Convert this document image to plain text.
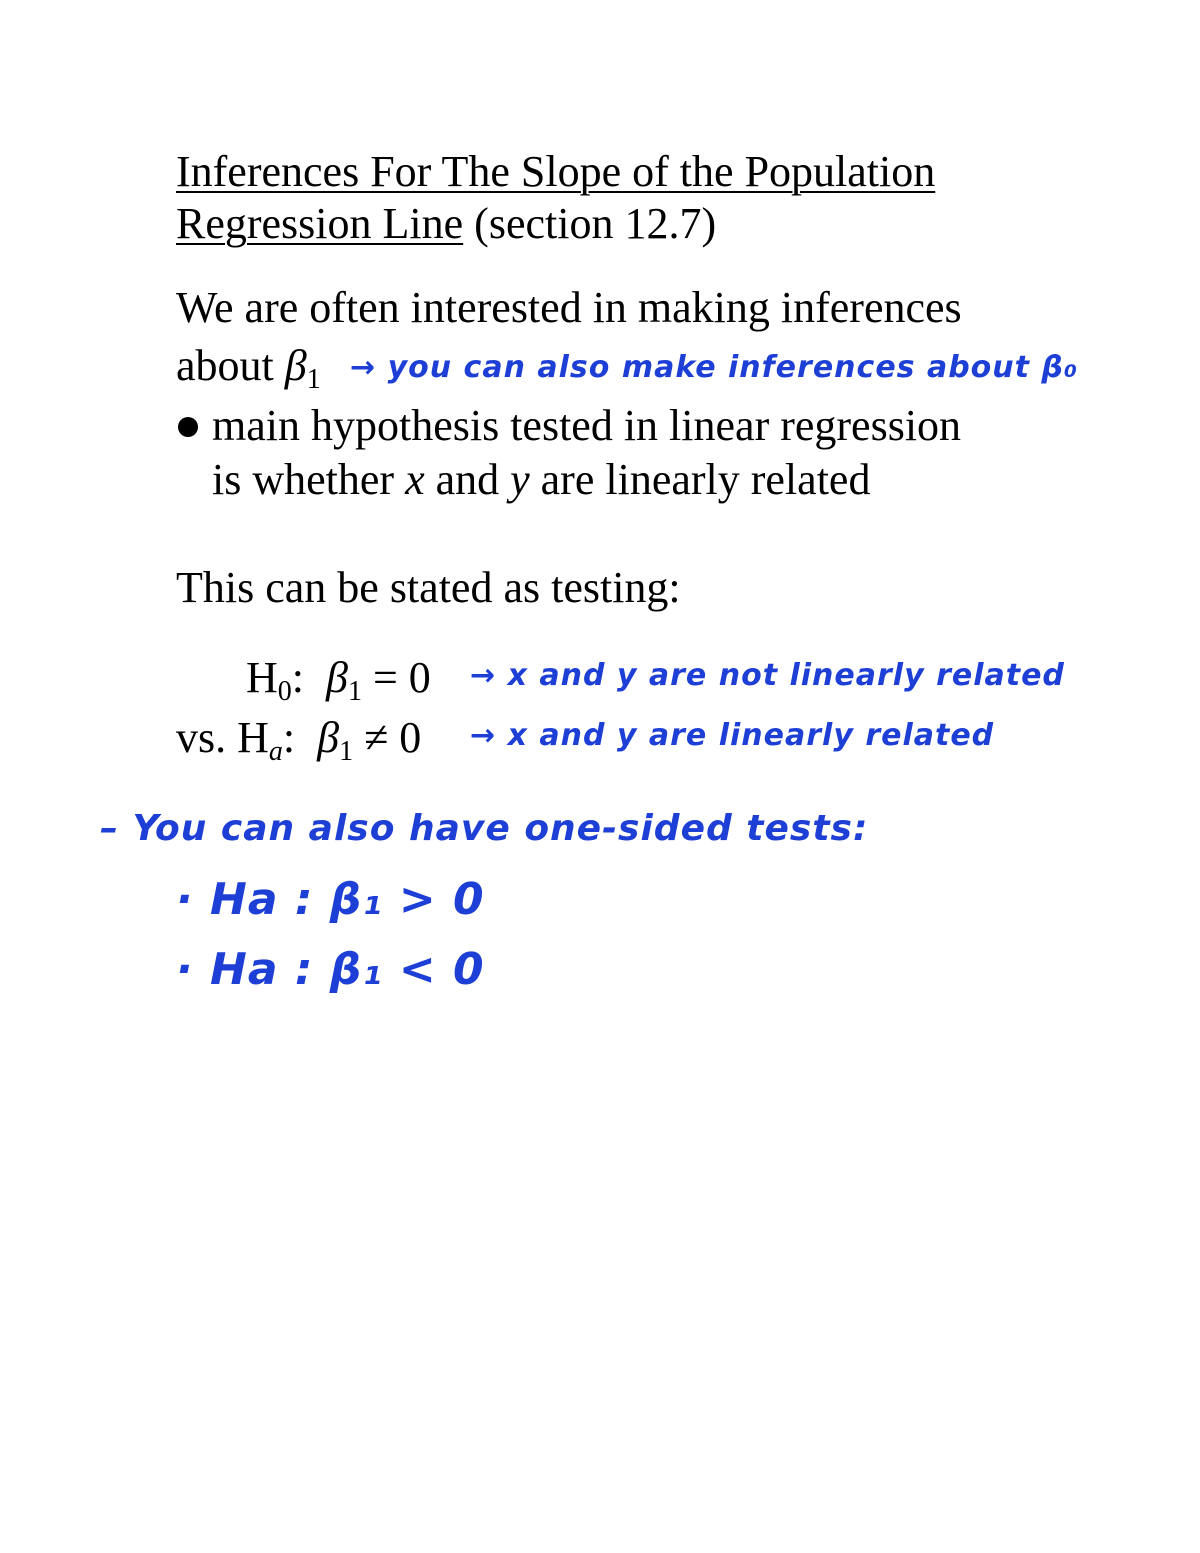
Inferences For The Slope of the Population
Regression Line (section 12.7)
We are often interested in making inferences
about $\beta_1$ → you can also make inferences about β₀
main hypothesis tested in linear regression
is whether x and y are linearly related
This can be stated as testing:
$H_0$: $\beta_1 = 0 \to x$ and y are not linearly related
vs. Ha: $\beta_1 \ne 0 \to x$ and y are linearly related
– You can also have one-sided tests:
· Ha : β₁ > 0
· Ha : β₁ < 0
